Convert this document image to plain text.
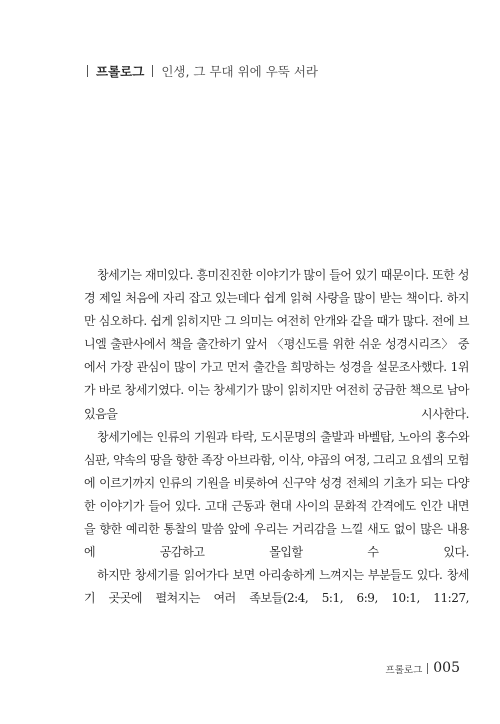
프롤로그 인생, 그 무대 위에 우뚝 서라

창세기는 재미있다. 흥미진진한 이야기가 많이 들어 있기 때문이다. 또한 성경 제일 처음에 자리 잡고 있는데다 쉽게 읽혀 사랑을 많이 받는 책이다. 하지만 심오하다. 쉽게 읽히지만 그 의미는 여전히 안개와 같을 때가 많다. 전에 브니엘 출판사에서 책을 출간하기 앞서 〈평신도를 위한 쉬운 성경시리즈〉 중에서 가장 관심이 많이 가고 먼저 출간을 희망하는 성경을 설문조사했다. 1위가 바로 창세기였다. 이는 창세기가 많이 읽히지만 여전히 궁금한 책으로 남아 있음을 시사한다.

창세기에는 인류의 기원과 타락, 도시문명의 출발과 바벨탑, 노아의 홍수와 심판, 약속의 땅을 향한 족장 아브라함, 이삭, 야곱의 여정, 그리고 요셉의 모험에 이르기까지 인류의 기원을 비롯하여 신구약 성경 전체의 기초가 되는 다양한 이야기가 들어 있다. 고대 근동과 현대 사이의 문화적 간격에도 인간 내면을 향한 예리한 통찰의 말씀 앞에 우리는 거리감을 느낄 새도 없이 많은 내용에 공감하고 몰입할 수 있다.

하지만 창세기를 읽어가다 보면 아리송하게 느껴지는 부분들도 있다. 창세기 곳곳에 펼쳐지는 여러 족보들(2:4, 5:1, 6:9, 10:1, 11:27,

프롤로그 005
